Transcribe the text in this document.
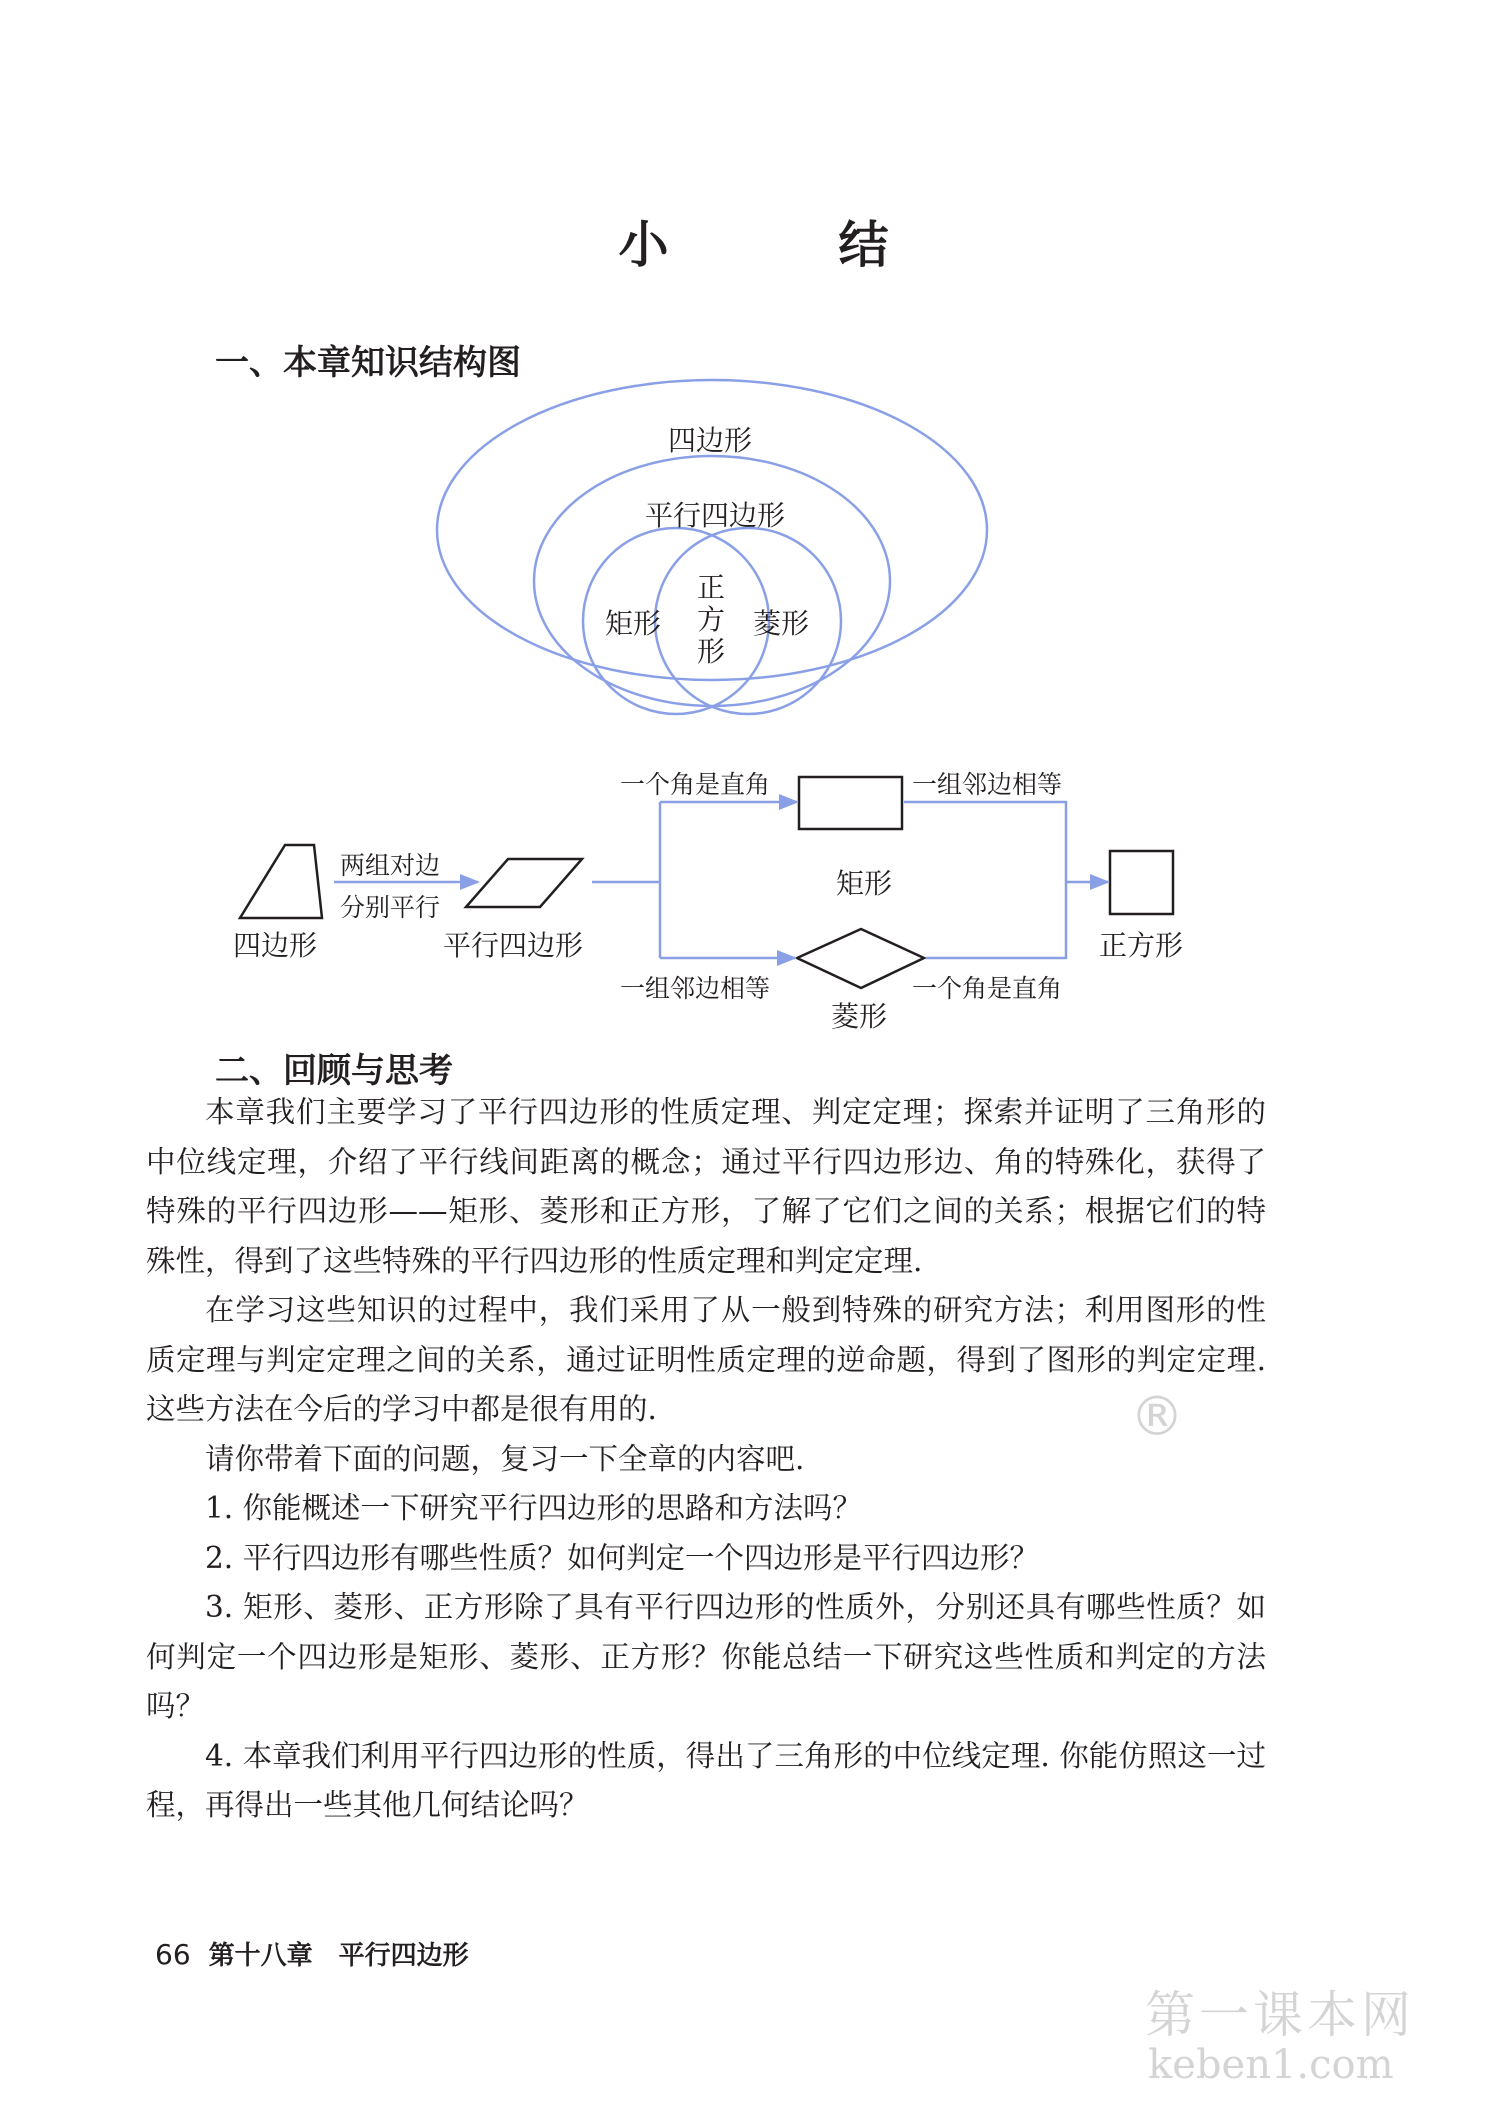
小　结
一、本章知识结构图
四边形
平行四边形
矩形	菱形
正
方
形
两组对边
分别平行
四边形	平行四边形
一个角是直角	一组邻边相等
矩形
一组邻边相等	一个角是直角
菱形
正方形
二、回顾与思考

本章我们主要学习了平行四边形的性质定理、判定定理；探索并证明了三角形的中位线定理，介绍了平行线间距离的概念；通过平行四边形边、角的特殊化，获得了特殊的平行四边形——矩形、菱形和正方形，了解了它们之间的关系；根据它们的特殊性，得到了这些特殊的平行四边形的性质定理和判定定理.

在学习这些知识的过程中，我们采用了从一般到特殊的研究方法；利用图形的性质定理与判定定理之间的关系，通过证明性质定理的逆命题，得到了图形的判定定理. 这些方法在今后的学习中都是很有用的.

请你带着下面的问题，复习一下全章的内容吧.

1. 你能概述一下研究平行四边形的思路和方法吗？

2. 平行四边形有哪些性质？如何判定一个四边形是平行四边形？

3. 矩形、菱形、正方形除了具有平行四边形的性质外，分别还具有哪些性质？如何判定一个四边形是矩形、菱形、正方形？你能总结一下研究这些性质和判定的方法吗？

4. 本章我们利用平行四边形的性质，得出了三角形的中位线定理. 你能仿照这一过程，再得出一些其他几何结论吗？

66 第十八章　平行四边形
®
第一课本网
keben1.com
